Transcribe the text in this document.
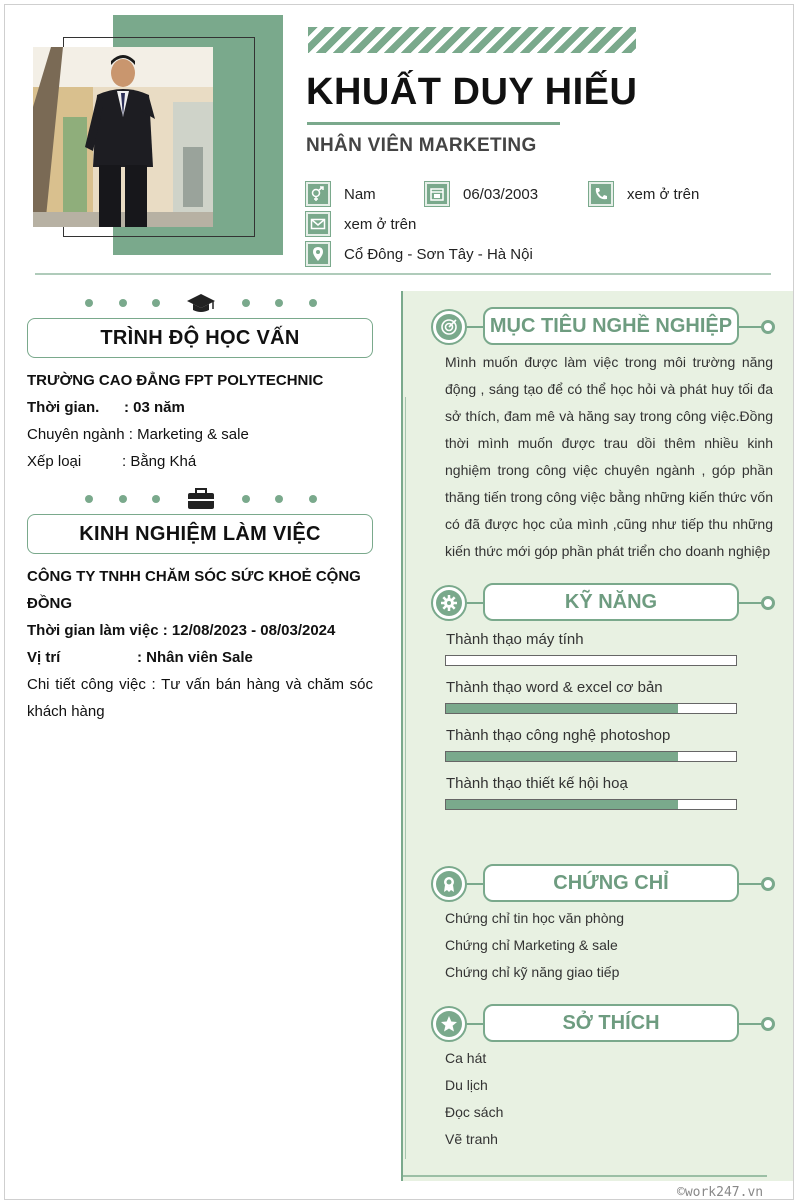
KHUẤT DUY HIẾU
NHÂN VIÊN MARKETING
Nam	06/03/2003	xem ở trên
xem ở trên
Cổ Đông - Sơn Tây - Hà Nội
TRÌNH ĐỘ HỌC VẤN
TRƯỜNG CAO ĐẲNG FPT POLYTECHNIC
Thời gian. : 03 năm
Chuyên ngành : Marketing & sale
Xếp loại	: Bằng Khá
KINH NGHIỆM LÀM VIỆC
CÔNG TY TNHH CHĂM SÓC SỨC KHOẺ CỘNG
ĐỒNG
Thời gian làm việc : 12/08/2023 - 08/03/2024
Vị trí	: Nhân viên Sale
Chi tiết công việc : Tư vấn bán hàng và chăm sóc khách hàng
MỤC TIÊU NGHỀ NGHIỆP
Mình muốn được làm việc trong môi trường năng động , sáng tạo để có thể học hỏi và phát huy tối đa sở thích, đam mê và hăng say trong công việc.Đồng thời mình muốn được trau dồi thêm nhiều kinh nghiệm trong công việc chuyên ngành , góp phần thăng tiến trong công việc bằng những kiến thức vốn có đã được học của mình ,cũng như tiếp thu những kiến thức mới góp phần phát triển cho doanh nghiệp
KỸ NĂNG
Thành thạo máy tính
Thành thạo word & excel cơ bản
Thành thạo công nghệ photoshop
Thành thạo thiết kế hội hoạ
CHỨNG CHỈ
Chứng chỉ tin học văn phòng
Chứng chỉ Marketing & sale
Chứng chỉ kỹ năng giao tiếp
SỞ THÍCH
Ca hát
Du lịch
Đọc sách
Vẽ tranh
©work247.vn
